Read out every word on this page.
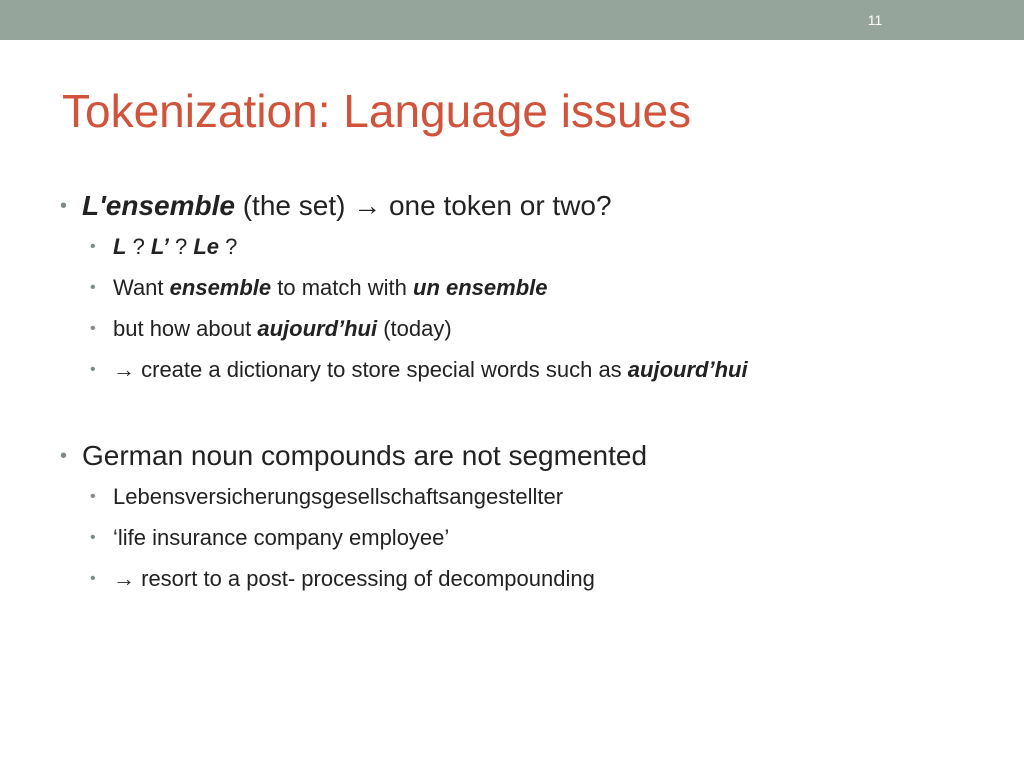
11
Tokenization: Language issues
• L'ensemble (the set) → one token or two?
• L ? L’ ? Le ?
• Want ensemble to match with un ensemble
• but how about aujourd’hui (today)
• → create a dictionary to store special words such as aujourd’hui
• German noun compounds are not segmented
• Lebensversicherungsgesellschaftsangestellter
• ‘life insurance company employee’
• → resort to a post- processing of decompounding
